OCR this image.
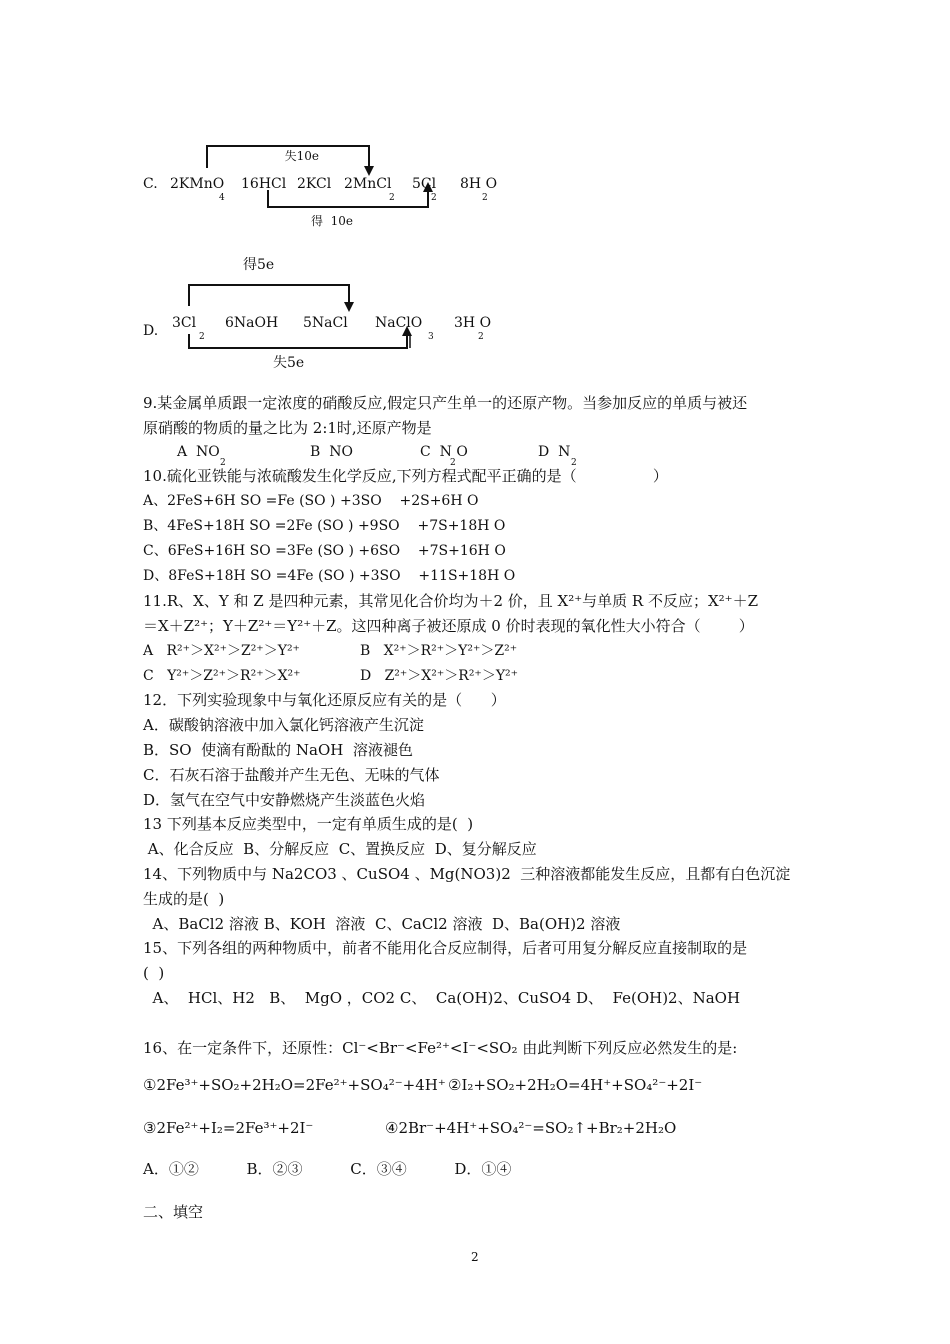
失10e

C. 2KMnO
4
16HCl 2KCl 2MnCl
2
5Cl
2
8H O
2
得  10e
得5e
D. 3Cl
2
6NaOH 5NaCl NaClO
3
3H O
2
失5e
9.某金属单质跟一定浓度的硝酸反应,假定只产生单一的还原产物。当参加反应的单质与被还
原硝酸的物质的量之比为 2:1时,还原产物是
A  NO
2
B  NO	C  N O
2
D  N
2
10.硫化亚铁能与浓硫酸发生化学反应,下列方程式配平正确的是（                ）
A、2FeS+6H SO =Fe (SO ) +3SO    +2S+6H O
B、4FeS+18H SO =2Fe (SO ) +9SO    +7S+18H O
C、6FeS+16H SO =3Fe (SO ) +6SO    +7S+16H O
D、8FeS+18H SO =4Fe (SO ) +3SO    +11S+18H O
11.R、X、Y 和 Z 是四种元素，其常见化合价均为＋2 价，且 X²⁺与单质 R 不反应；X²⁺＋Z
＝X＋Z²⁺；Y＋Z²⁺＝Y²⁺＋Z。这四种离子被还原成 0 价时表现的氧化性大小符合（        ）
A   R²⁺＞X²⁺＞Z²⁺＞Y²⁺	B   X²⁺＞R²⁺＞Y²⁺＞Z²⁺
C   Y²⁺＞Z²⁺＞R²⁺＞X²⁺	D   Z²⁺＞X²⁺＞R²⁺＞Y²⁺
12．下列实验现象中与氧化还原反应有关的是（      ）
A．碳酸钠溶液中加入氯化钙溶液产生沉淀
B．SO  使滴有酚酞的 NaOH  溶液褪色
C．石灰石溶于盐酸并产生无色、无味的气体
D．氢气在空气中安静燃烧产生淡蓝色火焰
13 下列基本反应类型中，一定有单质生成的是(  )
A、化合反应  B、分解反应  C、置换反应  D、复分解反应
14、下列物质中与 Na2CO3 、CuSO4 、Mg(NO3)2  三种溶液都能发生反应，且都有白色沉淀
生成的是(  )
A、BaCl2 溶液 B、KOH  溶液  C、CaCl2 溶液  D、Ba(OH)2 溶液
15、下列各组的两种物质中，前者不能用化合反应制得，后者可用复分解反应直接制取的是
(  )
A、  HCl、H2   B、  MgO ，CO2 C、  Ca(OH)2、CuSO4 D、  Fe(OH)2、NaOH
16、在一定条件下，还原性：Cl⁻<Br⁻<Fe²⁺<I⁻<SO₂ 由此判断下列反应必然发生的是:
①2Fe³⁺+SO₂+2H₂O=2Fe²⁺+SO₄²⁻+4H⁺ ②I₂+SO₂+2H₂O=4H⁺+SO₄²⁻+2I⁻
③2Fe²⁺+I₂=2Fe³⁺+2I⁻	④2Br⁻+4H⁺+SO₄²⁻=SO₂↑+Br₂+2H₂O
A．①②          B．②③          C．③④          D．①④
二、填空
2
